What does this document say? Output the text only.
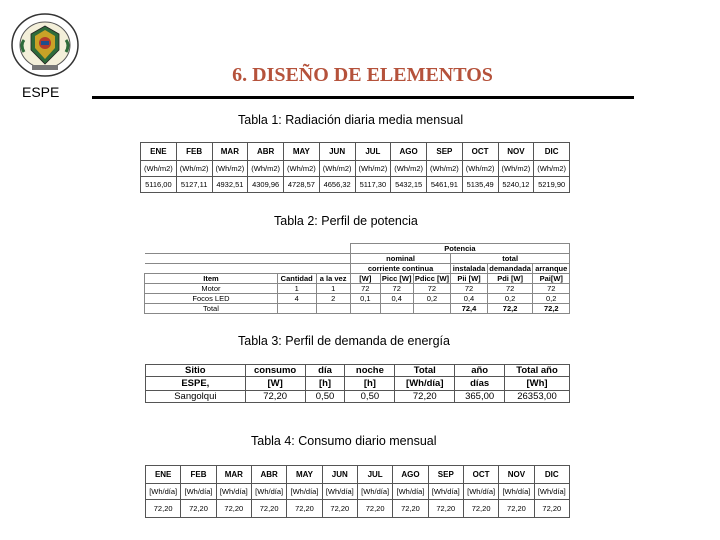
ESPE
6. DISEÑO DE ELEMENTOS
Tabla 1: Radiación diaria media mensual
ENE	FEB	MAR	ABR	MAY	JUN	JUL	AGO	SEP	OCT	NOV	DIC
(Wh/m2)	(Wh/m2)	(Wh/m2)	(Wh/m2)	(Wh/m2)	(Wh/m2)	(Wh/m2)	(Wh/m2)	(Wh/m2)	(Wh/m2)	(Wh/m2)	(Wh/m2)
5116,00	5127,11	4932,51	4309,96	4728,57	4656,32	5117,30	5432,15	5461,91	5135,49	5240,12	5219,90
Tabla 2: Perfil de potencia
			Potencia					
			nominal			total		
			corriente continua			instalada	demandada	arranque
Item	Cantidad	a la vez	[W]	Picc [W]	Pdicc [W]	Pii [W]	Pdi [W]	Pai[W]
Motor	1	1	72	72	72	72	72	72
Focos LED	4	2	0,1	0,4	0,2	0,4	0,2	0,2
Total						72,4	72,2	72,2
Tabla 3: Perfil de demanda de energía
Sitio	consumo	día	noche	Total	año	Total año
ESPE,	[W]	[h]	[h]	[Wh/día]	días	[Wh]
Sangolqui	72,20	0,50	0,50	72,20	365,00	26353,00
Tabla 4: Consumo diario mensual
ENE	FEB	MAR	ABR	MAY	JUN	JUL	AGO	SEP	OCT	NOV	DIC
[Wh/día]	[Wh/día]	[Wh/día]	[Wh/día]	[Wh/día]	[Wh/día]	[Wh/día]	[Wh/día]	[Wh/día]	[Wh/día]	[Wh/día]	[Wh/día]
72,20	72,20	72,20	72,20	72,20	72,20	72,20	72,20	72,20	72,20	72,20	72,20
